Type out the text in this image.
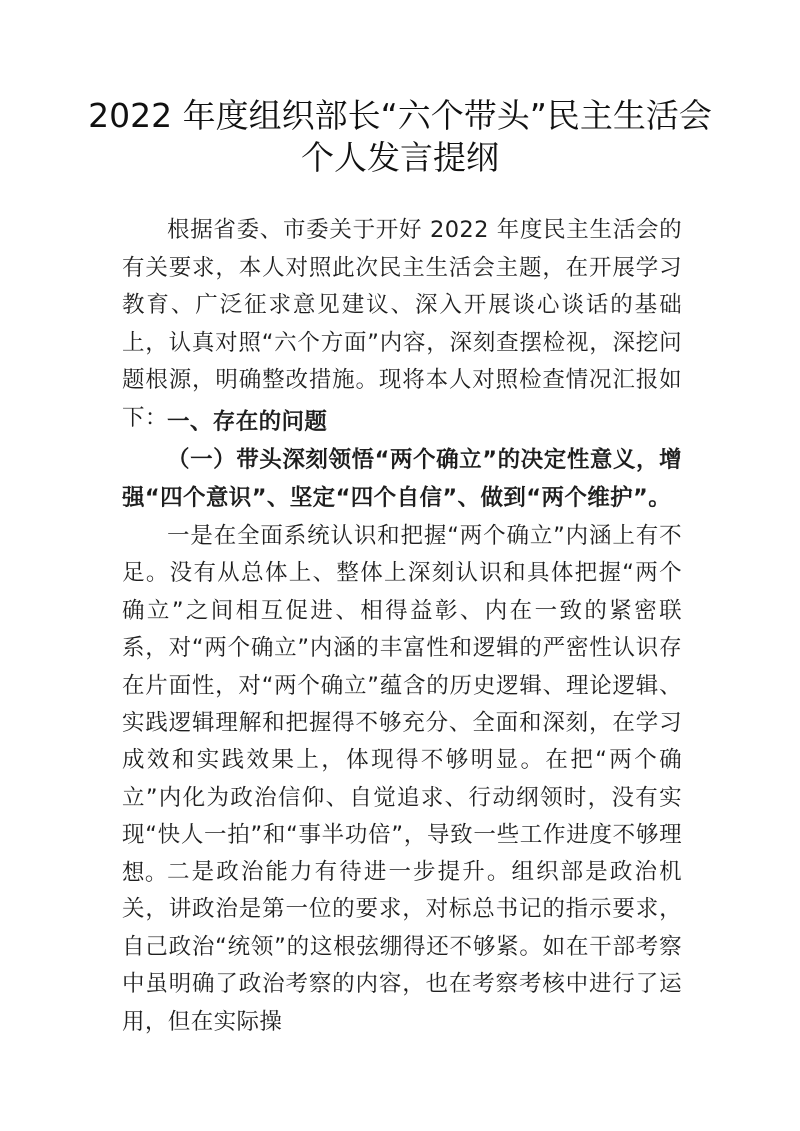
2022 年度组织部长“六个带头”民主生活会
个人发言提纲

根据省委、市委关于开好 2022 年度民主生活会的有关要求，本人对照此次民主生活会主题，在开展学习教育、广泛征求意见建议、深入开展谈心谈话的基础上，认真对照“六个方面”内容，深刻查摆检视，深挖问题根源，明确整改措施。现将本人对照检查情况汇报如下： 一、存在的问题

（一）带头深刻领悟“两个确立”的决定性意义，增强“四个意识”、坚定“四个自信”、做到“两个维护”。

一是在全面系统认识和把握“两个确立”内涵上有不足。没有从总体上、整体上深刻认识和具体把握“两个确立”之间相互促进、相得益彰、内在一致的紧密联系，对“两个确立”内涵的丰富性和逻辑的严密性认识存在片面性，对“两个确立”蕴含的历史逻辑、理论逻辑、实践逻辑理解和把握得不够充分、全面和深刻，在学习成效和实践效果上，体现得不够明显。在把“两个确立”内化为政治信仰、自觉追求、行动纲领时，没有实现“快人一拍”和“事半功倍”，导致一些工作进度不够理想。 二是政治能力有待进一步提升。组织部是政治机关，讲政治是第一位的要求，对标总书记的指示要求，自己政治“统领”的这根弦绷得还不够紧。如在干部考察中虽明确了政治考察的内容，也在考察考核中进行了运用，但在实际操
